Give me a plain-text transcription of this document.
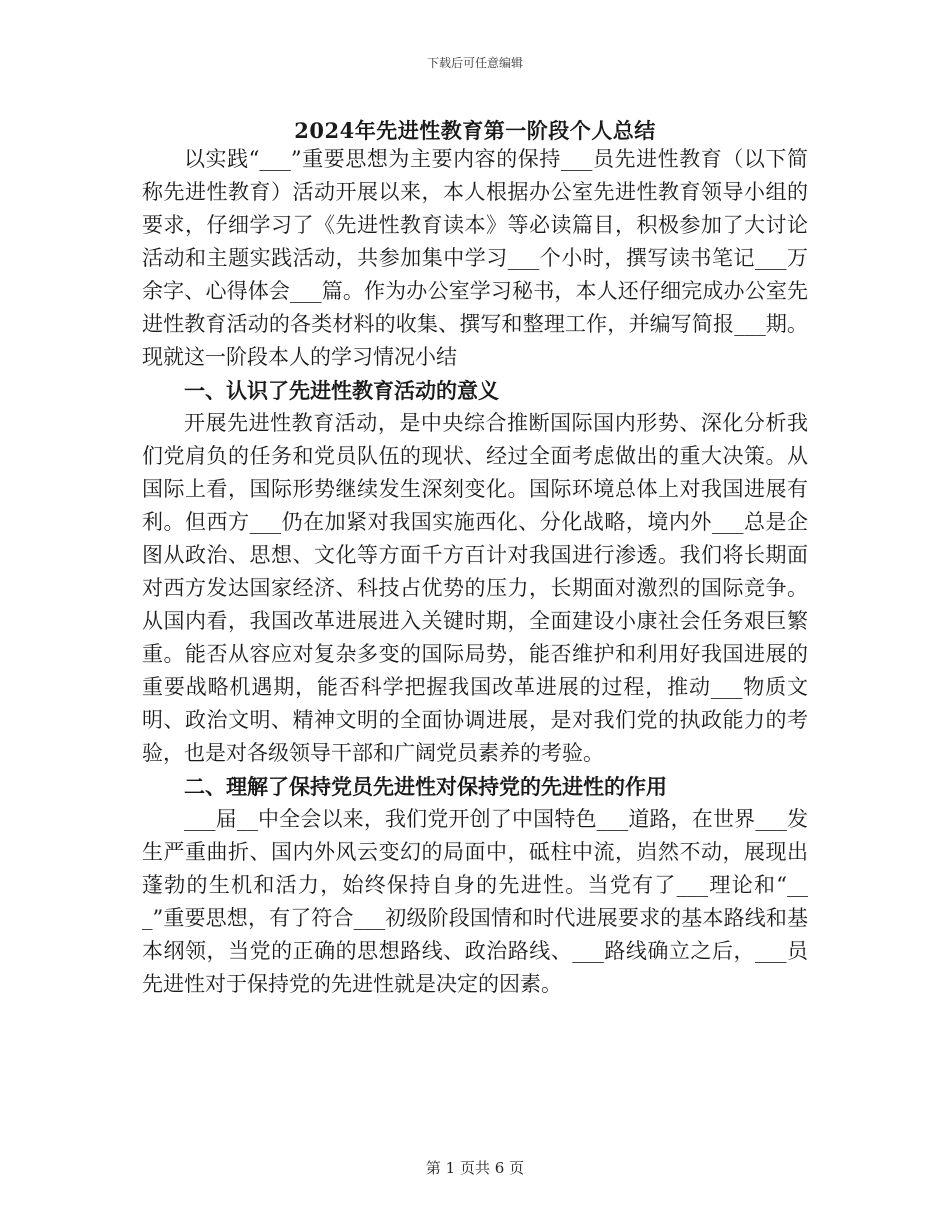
下载后可任意编辑
2024年先进性教育第一阶段个人总结

以实践“___”重要思想为主要内容的保持___员先进性教育（以下简称先进性教育）活动开展以来，本人根据办公室先进性教育领导小组的要求，仔细学习了《先进性教育读本》等必读篇目，积极参加了大讨论活动和主题实践活动，共参加集中学习___个小时，撰写读书笔记___万余字、心得体会___篇。作为办公室学习秘书，本人还仔细完成办公室先进性教育活动的各类材料的收集、撰写和整理工作，并编写简报___期。现就这一阶段本人的学习情况小结

一、认识了先进性教育活动的意义

开展先进性教育活动，是中央综合推断国际国内形势、深化分析我们党肩负的任务和党员队伍的现状、经过全面考虑做出的重大决策。从国际上看，国际形势继续发生深刻变化。国际环境总体上对我国进展有利。但西方___仍在加紧对我国实施西化、分化战略，境内外___总是企图从政治、思想、文化等方面千方百计对我国进行渗透。我们将长期面对西方发达国家经济、科技占优势的压力，长期面对激烈的国际竞争。从国内看，我国改革进展进入关键时期，全面建设小康社会任务艰巨繁重。能否从容应对复杂多变的国际局势，能否维护和利用好我国进展的重要战略机遇期，能否科学把握我国改革进展的过程，推动___物质文明、政治文明、精神文明的全面协调进展，是对我们党的执政能力的考验，也是对各级领导干部和广阔党员素养的考验。

二、理解了保持党员先进性对保持党的先进性的作用

___届__中全会以来，我们党开创了中国特色___道路，在世界___发生严重曲折、国内外风云变幻的局面中，砥柱中流，岿然不动，展现出蓬勃的生机和活力，始终保持自身的先进性。当党有了___理论和“___”重要思想，有了符合___初级阶段国情和时代进展要求的基本路线和基本纲领，当党的正确的思想路线、政治路线、___路线确立之后，___员先进性对于保持党的先进性就是决定的因素。

第 1 页共 6 页
